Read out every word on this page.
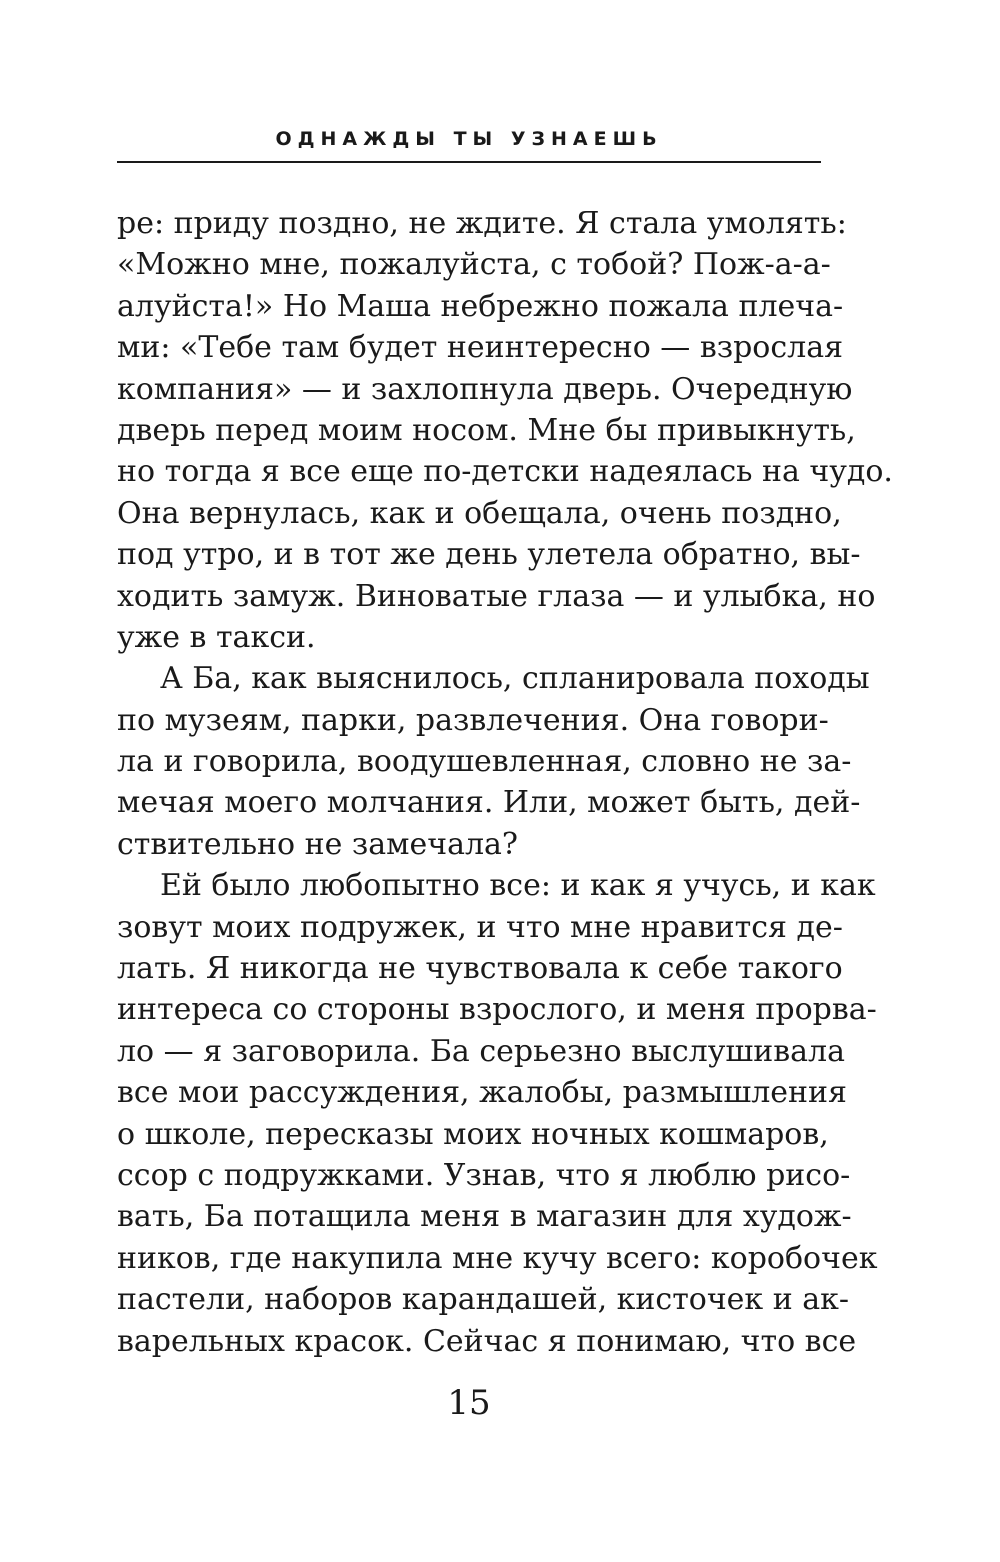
ОДНАЖДЫ ТЫ УЗНАЕШЬ
ре: приду поздно, не ждите. Я стала умолять:
«Можно мне, пожалуйста, с тобой? Пож-а-а-
алуйста!» Но Маша небрежно пожала плеча-
ми: «Тебе там будет неинтересно — взрослая
компания» — и захлопнула дверь. Очередную
дверь перед моим носом. Мне бы привыкнуть,
но тогда я все еще по-детски надеялась на чудо.
Она вернулась, как и обещала, очень поздно,
под утро, и в тот же день улетела обратно, вы-
ходить замуж. Виноватые глаза — и улыбка, но
уже в такси.
А Ба, как выяснилось, спланировала походы
по музеям, парки, развлечения. Она говори-
ла и говорила, воодушевленная, словно не за-
мечая моего молчания. Или, может быть, дей-
ствительно не замечала?
Ей было любопытно все: и как я учусь, и как
зовут моих подружек, и что мне нравится де-
лать. Я никогда не чувствовала к себе такого
интереса со стороны взрослого, и меня прорва-
ло — я заговорила. Ба серьезно выслушивала
все мои рассуждения, жалобы, размышления
о школе, пересказы моих ночных кошмаров,
ссор с подружками. Узнав, что я люблю рисо-
вать, Ба потащила меня в магазин для худож-
ников, где накупила мне кучу всего: коробочек
пастели, наборов карандашей, кисточек и ак-
варельных красок. Сейчас я понимаю, что все
15
